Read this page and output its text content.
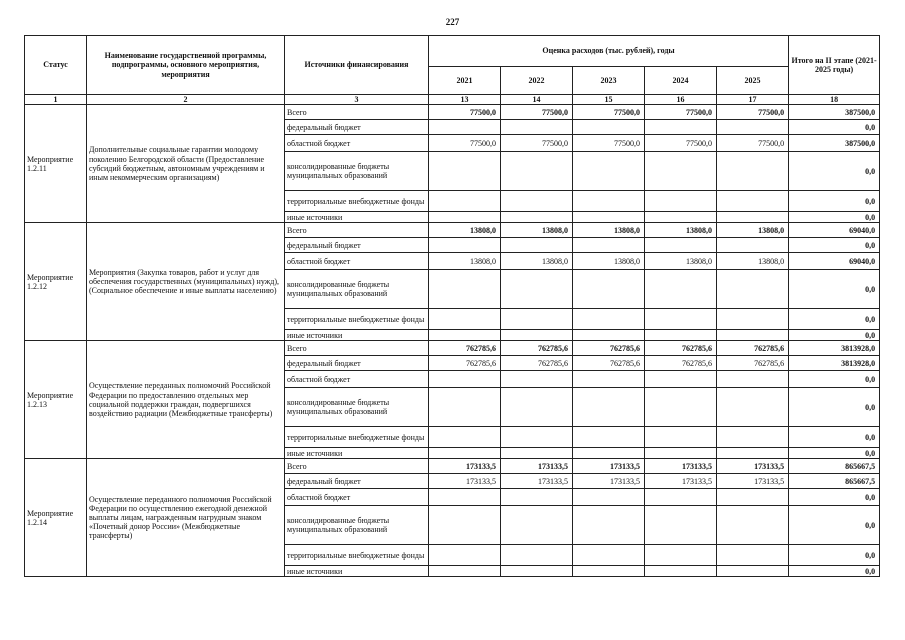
227
Статус	Наименование государственной программы, подпрограммы, основного мероприятия, мероприятия	Источники финансирования	Оценка расходов (тыс. рублей), годы					Итого на II этапе (2021-2025 годы)
			2021	2022	2023	2024	2025	
1	2	3	13	14	15	16	17	18
Мероприятие 1.2.11	Дополнительные социальные гарантии молодому поколению Белгородской области (Предоставление субсидий бюджетным, автономным учреждениям и иным некоммерческим организациям)	Всего	77500,0	77500,0	77500,0	77500,0	77500,0	387500,0
		федеральный бюджет						0,0
		областной бюджет	77500,0	77500,0	77500,0	77500,0	77500,0	387500,0
		консолидированные бюджеты муниципальных образований						0,0
		территориальные внебюджетные фонды						0,0
		иные источники						0,0
Мероприятие 1.2.12	Мероприятия (Закупка товаров, работ и услуг для обеспечения государственных (муниципальных) нужд), (Социальное обеспечение и иные выплаты населению)	Всего	13808,0	13808,0	13808,0	13808,0	13808,0	69040,0
		федеральный бюджет						0,0
		областной бюджет	13808,0	13808,0	13808,0	13808,0	13808,0	69040,0
		консолидированные бюджеты муниципальных образований						0,0
		территориальные внебюджетные фонды						0,0
		иные источники						0,0
Мероприятие 1.2.13	Осуществление переданных полномочий Российской Федерации по предоставлению отдельных мер социальной поддержки граждан, подвергшихся воздействию радиации (Межбюджетные трансферты)	Всего	762785,6	762785,6	762785,6	762785,6	762785,6	3813928,0
		федеральный бюджет	762785,6	762785,6	762785,6	762785,6	762785,6	3813928,0
		областной бюджет						0,0
		консолидированные бюджеты муниципальных образований						0,0
		территориальные внебюджетные фонды						0,0
		иные источники						0,0
Мероприятие 1.2.14	Осуществление переданного полномочия Российской Федерации по осуществлению ежегодной денежной выплаты лицам, награжденным нагрудным знаком «Почетный донор России» (Межбюджетные трансферты)	Всего	173133,5	173133,5	173133,5	173133,5	173133,5	865667,5
		федеральный бюджет	173133,5	173133,5	173133,5	173133,5	173133,5	865667,5
		областной бюджет						0,0
		консолидированные бюджеты муниципальных образований						0,0
		территориальные внебюджетные фонды						0,0
		иные источники						0,0
